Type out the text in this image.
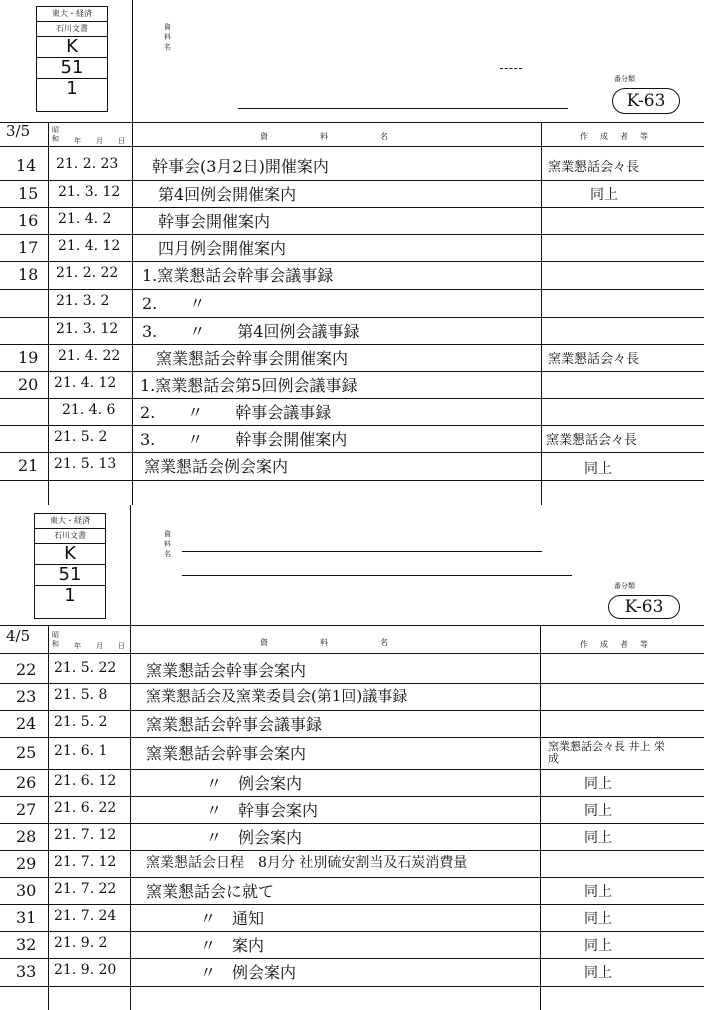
東大・経済
石川文書
K
51
1
資料名
番分類
K-63
3/5	昭和	年 月 日	資　　料　　名	作　成　者　等
14 21. 2. 23 幹事会(3月2日)開催案内	窯業懇話会々長
15 21. 3. 12 第4回例会開催案内	同上
16 21. 4. 2	幹事会開催案内
17 21. 4. 12 四月例会開催案内
18 21. 2. 22 1.窯業懇話会幹事会議事録
21. 3. 2 2.　　〃
21. 3. 12 3.　　〃　　第4回例会議事録
19 21. 4. 22 窯業懇話会幹事会開催案内	窯業懇話会々長
20 21. 4. 12 1.窯業懇話会第5回例会議事録
21. 4. 6 2.　　〃　　幹事会議事録
21. 5. 2 3.　　〃　　幹事会開催案内	窯業懇話会々長
21 21. 5. 13 窯業懇話会例会案内	同上
東大・経済
石川文書
K
51
1
資料名
番分類
K-63
4/5	昭和	年 月 日	資　　料　　名	作　成　者　等
22 21. 5. 22 窯業懇話会幹事会案内
23 21. 5. 8	窯業懇話会及窯業委員会(第1回)議事録
24 21. 5. 2 窯業懇話会幹事会議事録
25 21. 6. 1 窯業懇話会幹事会案内	窯業懇話会々長 井上 栄成
26 21. 6. 12	〃　例会案内	同上
27 21. 6. 22	〃　幹事会案内	同上
28 21. 7. 12	〃　例会案内	同上
29 21. 7. 12 窯業懇話会日程　8月分 社別硫安割当及石炭消費量
30 21. 7. 22 窯業懇話会に就て	同上
31 21. 7. 24	〃　通知	同上
32 21. 9. 2	〃　案内	同上
33 21. 9. 20	〃　例会案内	同上
